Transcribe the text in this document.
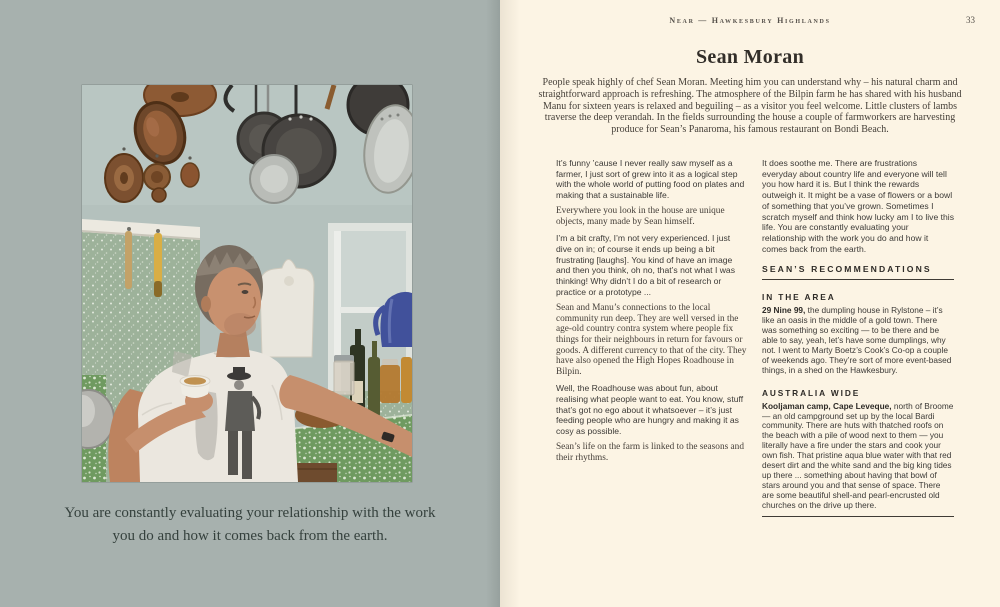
You are constantly evaluating your relationship with the work you do and how it comes back from the earth.
Near — Hawkesbury Highlands	33
Sean Moran

People speak highly of chef Sean Moran. Meeting him you can understand why – his natural charm and straightforward approach is refreshing. The atmosphere of the Bilpin farm he has shared with his husband Manu for sixteen years is relaxed and beguiling – as a visitor you feel welcome. Little clusters of lambs traverse the deep verandah. In the fields surrounding the house a couple of farmworkers are harvesting produce for Sean’s Panaroma, his famous restaurant on Bondi Beach.

It’s funny ’cause I never really saw myself as a farmer, I just sort of grew into it as a logical step with the whole world of putting food on plates and making that a sustainable life.

Everywhere you look in the house are unique objects, many made by Sean himself.

I’m a bit crafty, I’m not very experienced. I just dive on in; of course it ends up being a bit frustrating [laughs]. You kind of have an image and then you think, oh no, that’s not what I was thinking! Why didn’t I do a bit of research or practice or a prototype ...

Sean and Manu’s connections to the local community run deep. They are well versed in the age-old country contra system where people fix things for their neighbours in return for favours or goods. A different currency to that of the city. They have also opened the High Hopes Roadhouse in Bilpin.

Well, the Roadhouse was about fun, about realising what people want to eat. You know, stuff that’s got no ego about it whatsoever – it’s just feeding people who are hungry and making it as cosy as possible.

Sean’s life on the farm is linked to the seasons and their rhythms.

It does soothe me. There are frustrations everyday about country life and everyone will tell you how hard it is. But I think the rewards outweigh it. It might be a vase of flowers or a bowl of something that you’ve grown. Sometimes I scratch myself and think how lucky am I to live this life. You are constantly evaluating your relationship with the work you do and how it comes back from the earth.

SEAN’S RECOMMENDATIONS
IN THE AREA

29 Nine 99, the dumpling house in Rylstone – it’s like an oasis in the middle of a gold town. There was something so exciting — to be there and be able to say, yeah, let’s have some dumplings, why not. I went to Marty Boetz’s Cook’s Co-op a couple of weekends ago. They’re sort of more event-based things, in a shed on the Hawkesbury.

AUSTRALIA WIDE

Kooljaman camp, Cape Leveque, north of Broome — an old campground set up by the local Bardi community. There are huts with thatched roofs on the beach with a pile of wood next to them — you literally have a fire under the stars and cook your own fish. That pristine aqua blue water with that red desert dirt and the white sand and the big king tides up there ... something about having that bowl of stars around you and that sense of space. There are some beautiful shell-and pearl-encrusted old churches on the drive up there.
